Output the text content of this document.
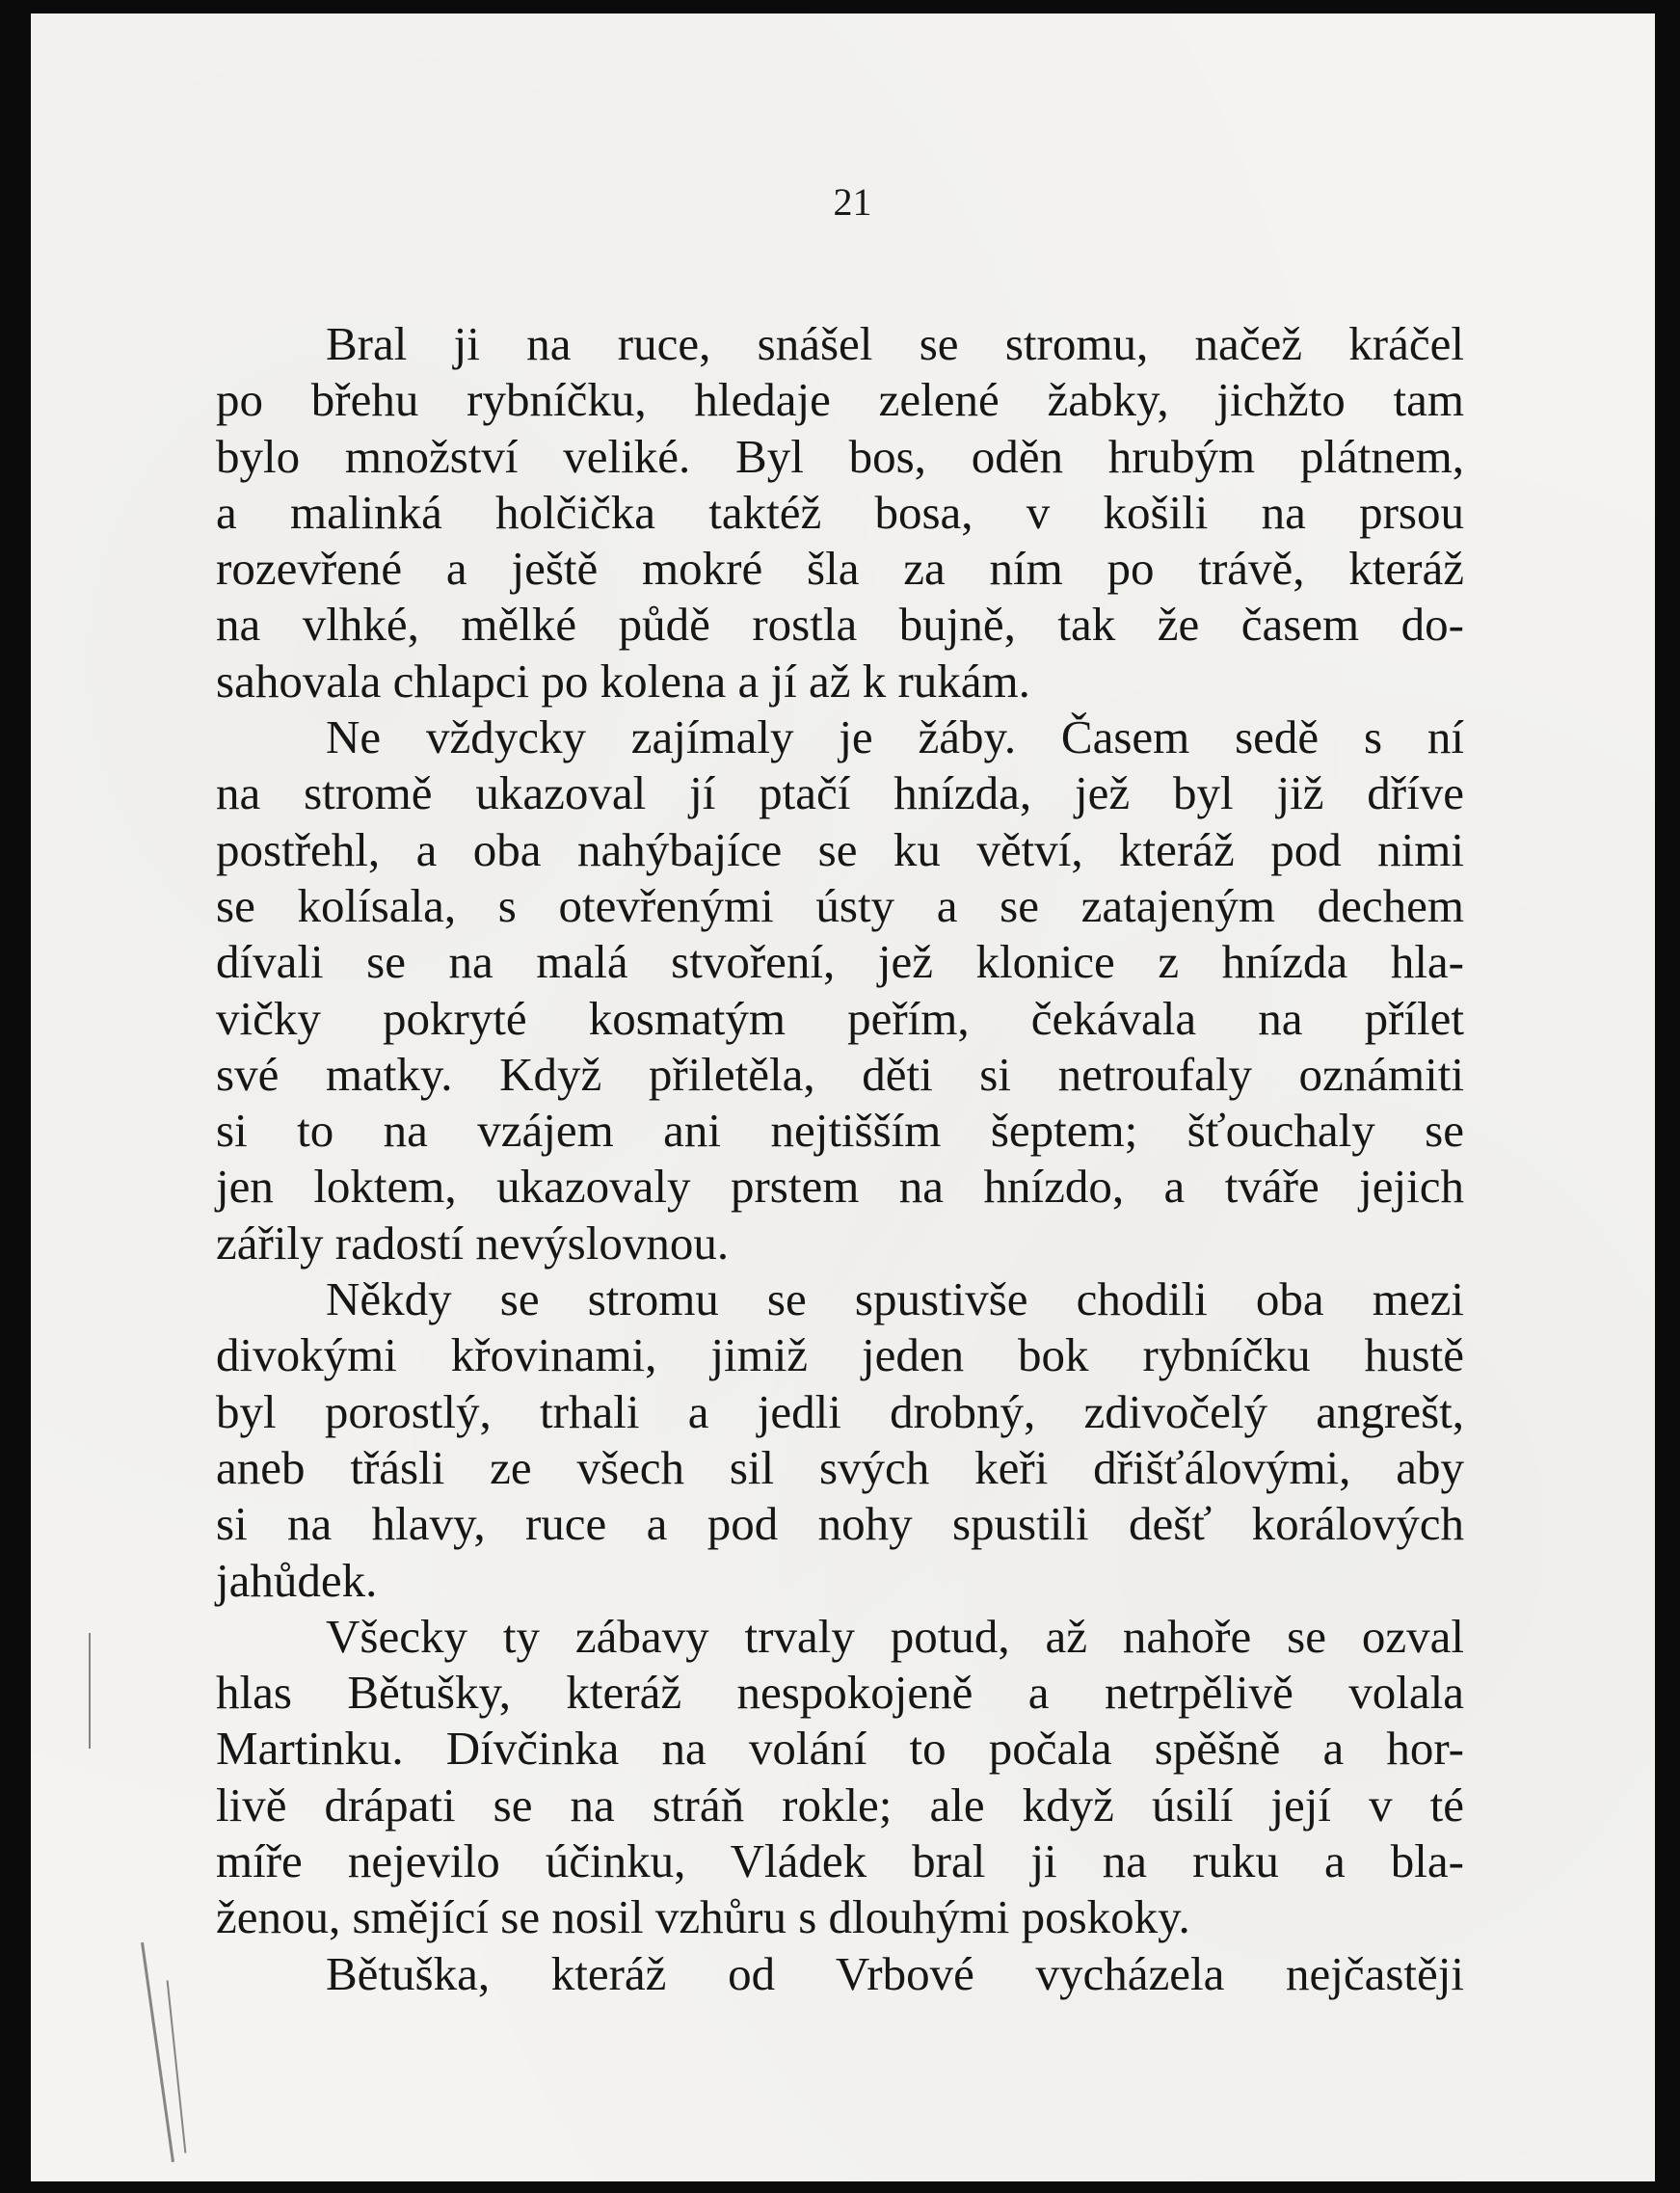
21
Bral ji na ruce, snášel se stromu, načež kráčel
po břehu rybníčku, hledaje zelené žabky, jichžto tam
bylo množství veliké. Byl bos, oděn hrubým plátnem,
a malinká holčička taktéž bosa, v košili na prsou
rozevřené a ještě mokré šla za ním po trávě, kteráž
na vlhké, mělké půdě rostla bujně, tak že časem do-
sahovala chlapci po kolena a jí až k rukám.
Ne vždycky zajímaly je žáby. Časem sedě s ní
na stromě ukazoval jí ptačí hnízda, jež byl již dříve
postřehl, a oba nahýbajíce se ku větví, kteráž pod nimi
se kolísala, s otevřenými ústy a se zatajeným dechem
dívali se na malá stvoření, jež klonice z hnízda hla-
vičky pokryté kosmatým peřím, čekávala na přílet
své matky. Když přiletěla, děti si netroufaly oznámiti
si to na vzájem ani nejtišším šeptem; šťouchaly se
jen loktem, ukazovaly prstem na hnízdo, a tváře jejich
zářily radostí nevýslovnou.
Někdy se stromu se spustivše chodili oba mezi
divokými křovinami, jimiž jeden bok rybníčku hustě
byl porostlý, trhali a jedli drobný, zdivočelý angrešt,
aneb třásli ze všech sil svých keři dřišťálovými, aby
si na hlavy, ruce a pod nohy spustili dešť korálových
jahůdek.
Všecky ty zábavy trvaly potud, až nahoře se ozval
hlas Bětušky, kteráž nespokojeně a netrpělivě volala
Martinku. Dívčinka na volání to počala spěšně a hor-
livě drápati se na stráň rokle; ale když úsilí její v té
míře nejevilo účinku, Vládek bral ji na ruku a bla-
ženou, smějící se nosil vzhůru s dlouhými poskoky.
Bětuška, kteráž od Vrbové vycházela nejčastěji
